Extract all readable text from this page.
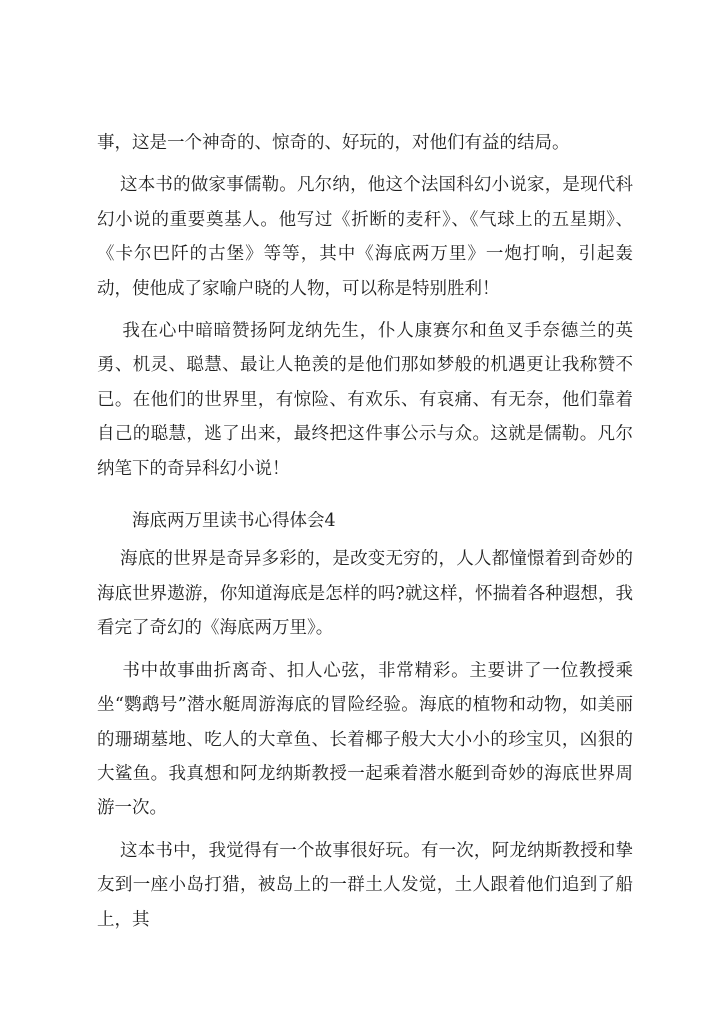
事，这是一个神奇的、惊奇的、好玩的，对他们有益的结局。

这本书的做家事儒勒。凡尔纳，他这个法国科幻小说家，是现代科幻小说的重要奠基人。他写过《折断的麦秆》、《气球上的五星期》、《卡尔巴阡的古堡》等等，其中《海底两万里》一炮打响，引起轰动，使他成了家喻户晓的人物，可以称是特别胜利！

我在心中暗暗赞扬阿龙纳先生，仆人康赛尔和鱼叉手奈德兰的英勇、机灵、聪慧、最让人艳羡的是他们那如梦般的机遇更让我称赞不已。在他们的世界里，有惊险、有欢乐、有哀痛、有无奈，他们靠着自己的聪慧，逃了出来，最终把这件事公示与众。这就是儒勒。凡尔纳笔下的奇异科幻小说！

海底两万里读书心得体会4

海底的世界是奇异多彩的，是改变无穷的，人人都憧憬着到奇妙的海底世界遨游，你知道海底是怎样的吗?就这样，怀揣着各种遐想，我看完了奇幻的《海底两万里》。

书中故事曲折离奇、扣人心弦，非常精彩。主要讲了一位教授乘坐“鹦鹉号”潜水艇周游海底的冒险经验。海底的植物和动物，如美丽的珊瑚墓地、吃人的大章鱼、长着椰子般大大小小的珍宝贝，凶狠的大鲨鱼。我真想和阿龙纳斯教授一起乘着潜水艇到奇妙的海底世界周游一次。

这本书中，我觉得有一个故事很好玩。有一次，阿龙纳斯教授和挚友到一座小岛打猎，被岛上的一群土人发觉，土人跟着他们追到了船上，其
